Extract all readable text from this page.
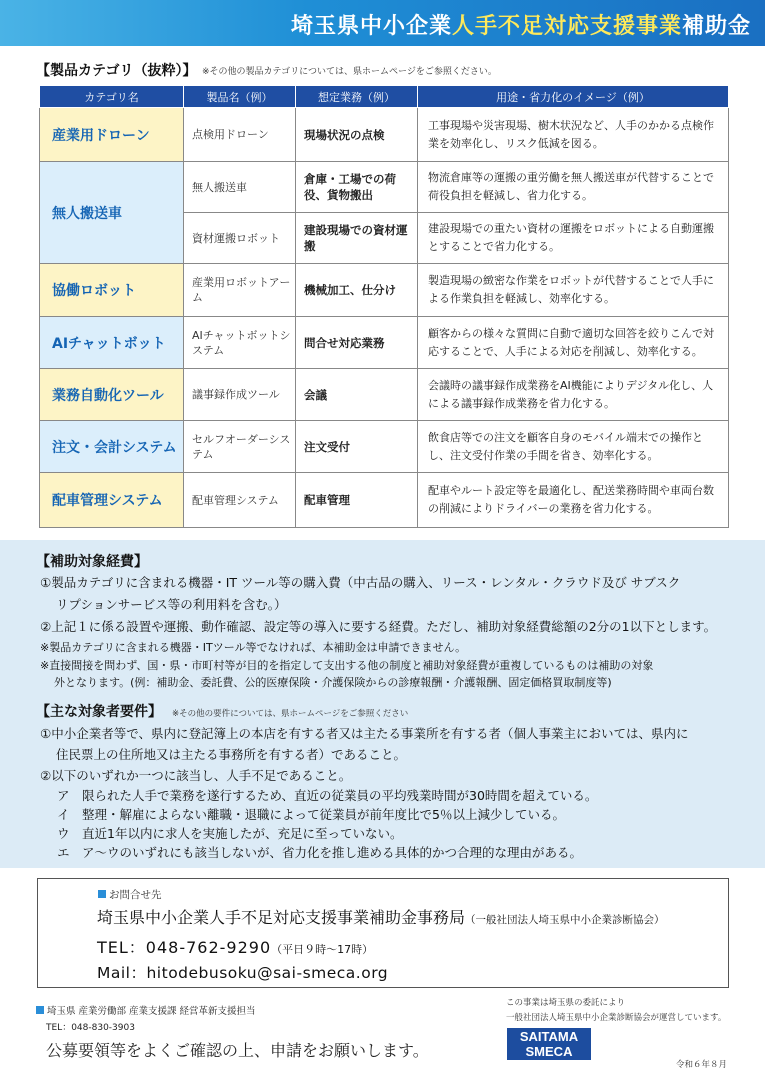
埼玉県中小企業人手不足対応支援事業補助金
【製品カテゴリ（抜粋）】 ※その他の製品カテゴリについては、県ホームページをご参照ください。
カテゴリ名	製品名（例）	想定業務（例）	用途・省力化のイメージ（例）
産業用ドローン	点検用ドローン	現場状況の点検	工事現場や災害現場、樹木状況など、人手のかかる点検作業を効率化し、リスク低減を図る。
無人搬送車	無人搬送車	倉庫・工場での荷役、貨物搬出	物流倉庫等の運搬の重労働を無人搬送車が代替することで荷役負担を軽減し、省力化する。
	資材運搬ロボット	建設現場での資材運搬	建設現場での重たい資材の運搬をロボットによる自動運搬とすることで省力化する。
協働ロボット	産業用ロボットアーム	機械加工、仕分け	製造現場の緻密な作業をロボットが代替することで人手による作業負担を軽減し、効率化する。
AIチャットボット	AIチャットボットシステム	問合せ対応業務	顧客からの様々な質問に自動で適切な回答を絞りこんで対応することで、人手による対応を削減し、効率化する。
業務自動化ツール	議事録作成ツール	会議	会議時の議事録作成業務をAI機能によりデジタル化し、人による議事録作成業務を省力化する。
注文・会計システム	セルフオーダーシステム	注文受付	飲食店等での注文を顧客自身のモバイル端末での操作とし、注文受付作業の手間を省き、効率化する。
配車管理システム	配車管理システム	配車管理	配車やルート設定等を最適化し、配送業務時間や車両台数の削減によりドライバーの業務を省力化する。
【補助対象経費】
①製品カテゴリに含まれる機器・IT ツール等の購入費（中古品の購入、リース・レンタル・クラウド及び サブスク
リプションサービス等の利用料を含む。）
②上記１に係る設置や運搬、動作確認、設定等の導入に要する経費。ただし、補助対象経費総額の2分の1以下とします。
※製品カテゴリに含まれる機器・ITツール等でなければ、本補助金は申請できません。
※直接間接を問わず、国・県・市町村等が目的を指定して支出する他の制度と補助対象経費が重複しているものは補助の対象
外となります。(例：補助金、委託費、公的医療保険・介護保険からの診療報酬・介護報酬、固定価格買取制度等)
【主な対象者要件】 ※その他の要件については、県ホームページをご参照ください
①中小企業者等で、県内に登記簿上の本店を有する者又は主たる事業所を有する者（個人事業主においては、県内に
住民票上の住所地又は主たる事務所を有する者）であること。
②以下のいずれか一つに該当し、人手不足であること。
ア　限られた人手で業務を遂行するため、直近の従業員の平均残業時間が30時間を超えている。
イ　整理・解雇によらない離職・退職によって従業員が前年度比で5％以上減少している。
ウ　直近1年以内に求人を実施したが、充足に至っていない。
エ　ア～ウのいずれにも該当しないが、省力化を推し進める具体的かつ合理的な理由がある。
お問合せ先
埼玉県中小企業人手不足対応支援事業補助金事務局（一般社団法人埼玉県中小企業診断協会）
TEL：048-762-9290（平日９時～17時）
Mail：hitodebusoku@sai-smeca.org
埼玉県 産業労働部 産業支援課 経営革新支援担当
TEL：048-830-3903
公募要領等をよくご確認の上、申請をお願いします。
この事業は埼玉県の委託により
一般社団法人埼玉県中小企業診断協会が運営しています。
SAITAMA
SMECA
令和６年８月
